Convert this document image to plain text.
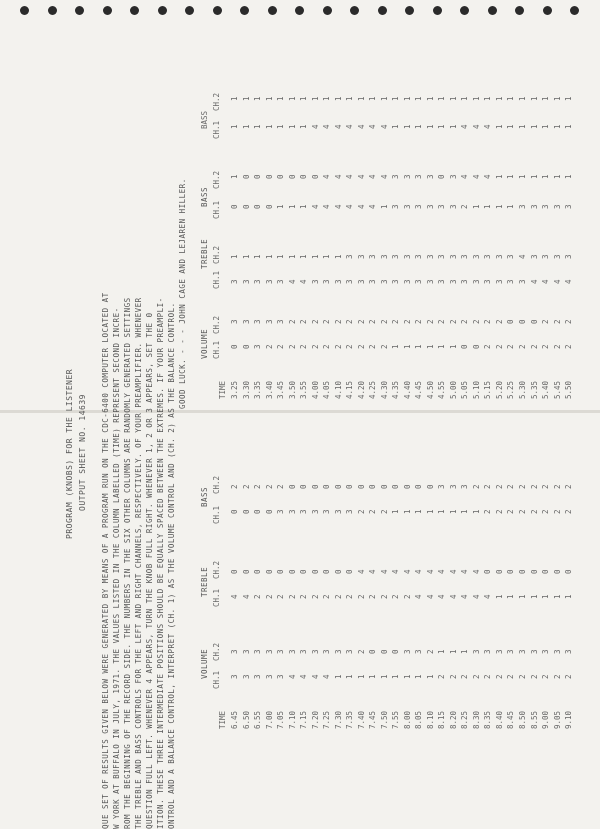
PROGRAM (KNOBS) FOR THE LISTENER OUTPUT SHEET NO. 14639 QUE SET OF RESULTS GIVEN BELOW WERE GENERATED BY MEANS OF A PROGRAM RUN ON THE CDC-6400 COMPUTER LOCATED AT W YORK AT BUFFALO IN JULY, 1971. THE VALUES LISTED IN THE COLUMN LABELLED (TIME) REPRESENT SECOND INCRE- ROM THE BEGINNING OF THE RECORD SIDE. THE NUMBERS IN THE SIX OTHER COLUMNS ARE RANDOMLY GENERATED SETTINGS THE TREBLE AND BASS CONTROLS FOR THE LEFT AND RIGHT CHANNELS, RESPECTIVELY. OF YOUR PREAMPLIFIER. WHENEVER QUESTION FULL LEFT. WHENEVER 4 APPEARS, TURN THE KNOB FULL RIGHT. WHENEVER 1, 2 OR 3 APPEARS, SET THE 0 ITION. THESE THREE INTERMEDIATE POSITIONS SHOULD BE EQUALLY SPACED BETWEEN THE EXTREMES. IF YOUR PREAMPLI- ONTROL AND A BALANCE CONTROL, INTERPRET (CH. 1) AS THE VOLUME CONTROL AND (CH. 2) AS THE BALANCE CONTROL.
GOOD LUCK. - - - JOHN CAGE AND LEJAREN HILLER. TREBLE
BASS
VOLUME
VOLUME
TREBLE
BASS
TIME
CH.1
CH.2
CH.1
CH.2
CH.1
CH.2
3.25
0
3
3
1
0
1
3.30
0
3
3
1
0
0
3.35
3
3
3
1
0
0
3.40
2
3
3
1
0
0
3.45
2
3
3
1
1
0
3.50
2
2
4
1
1
0
3.55
2
2
4
1
1
0
4.00
2
2
3
1
4
0
4.05
2
2
3
1
4
4
4.10
2
2
3
1
4
4
4.15
2
2
3
3
4
4
4.20
2
2
3
3
4
4
4.25
2
2
3
3
4
4
4.30
2
2
3
3
1
4
4.35
1
2
3
3
3
3
4.40
1
2
3
3
3
3
4.45
1
2
3
3
3
3
4.50
1
2
3
3
3
3
4.55
1
2
3
3
3
0
5.00
1
2
3
3
3
3
5.05
0
2
3
3
2
4
5.10
0
2
3
3
1
4
5.15
2
2
3
3
1
4
5.20
2
2
3
3
1
1
5.25
2
0
3
3
1
1
5.30
2
0
3
4
3
1
5.35
2
0
4
3
3
1
5.40
2
2
4
3
3
1
5.45
2
2
4
3
3
1
5.50
2
2
4
3
3
1
TIME
CH.1
CH.2
CH.1
CH.2
CH.1
CH.2
6.45
3
3
4
0
0
2
6.50
3
3
4
0
0
2
6.55
3
3
2
0
0
2
7.00
3
3
2
0
0
2
7.05
3
3
2
0
3
2
7.10
4
3
2
0
3
0
7.15
4
3
2
0
3
0
7.20
4
3
2
0
3
0
7.25
4
3
2
0
3
0
7.30
1
3
2
0
3
0
7.35
1
3
2
0
3
0
7.40
1
2
2
4
2
0
7.45
1
0
2
4
2
0
7.50
1
0
2
4
2
0
7.55
1
0
2
4
1
0
8.00
1
3
2
4
1
0
8.05
1
3
4
4
1
0
8.10
1
2
4
4
1
0
8.15
2
1
4
4
1
3
8.20
2
1
4
4
1
3
8.25
2
1
4
4
1
3
8.30
2
3
4
4
1
2
8.35
2
3
4
0
2
2
8.40
2
3
1
0
2
2
8.45
2
3
1
0
2
2
8.50
2
3
1
0
2
2
8.55
2
3
1
0
2
2
9.00
2
3
1
0
2
2
9.05
2
3
1
0
2
2
9.10
2
3
1
0
2
2
BASS
CH.1
CH.2
1
1
1
1
1
1
1
1
1
1
1
1
1
1
4
1
4
1
4
1
4
1
4
1
4
1
4
1
1
1
1
1
1
1
1
1
1
1
1
1
4
1
4
1
4
1
1
1
1
1
1
1
1
1
1
1
1
1
1
1
